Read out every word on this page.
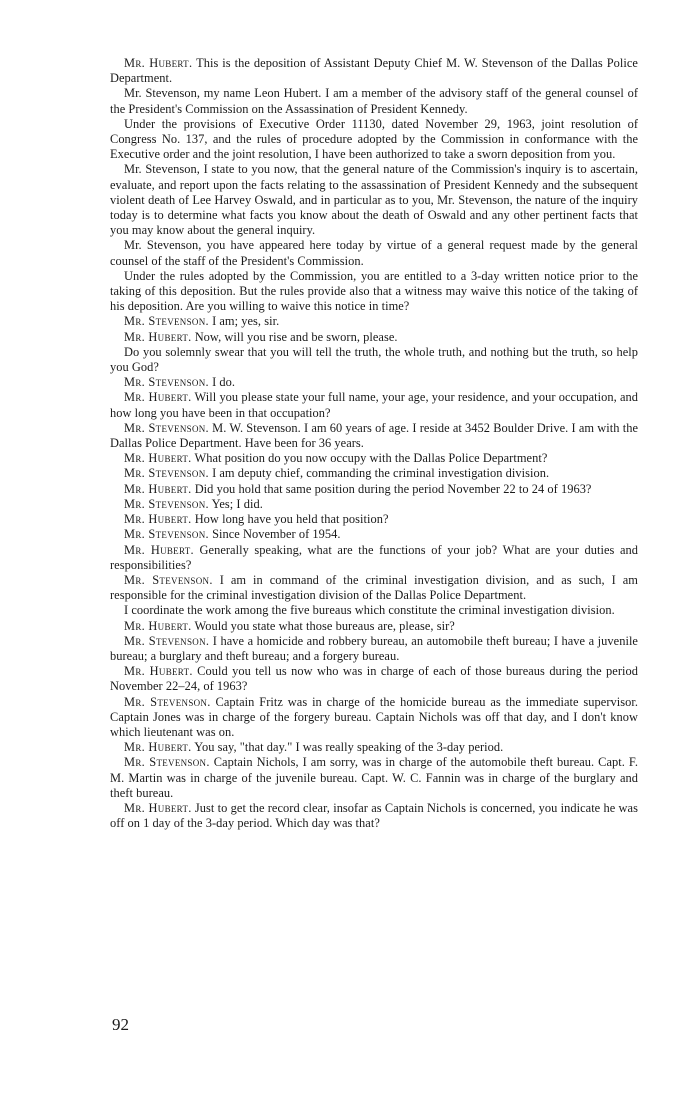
Mr. Hubert. This is the deposition of Assistant Deputy Chief M. W. Stevenson of the Dallas Police Department.

Mr. Stevenson, my name Leon Hubert. I am a member of the advisory staff of the general counsel of the President's Commission on the Assassination of President Kennedy.

Under the provisions of Executive Order 11130, dated November 29, 1963, joint resolution of Congress No. 137, and the rules of procedure adopted by the Commission in conformance with the Executive order and the joint resolution, I have been authorized to take a sworn deposition from you.

Mr. Stevenson, I state to you now, that the general nature of the Commission's inquiry is to ascertain, evaluate, and report upon the facts relating to the assassination of President Kennedy and the subsequent violent death of Lee Harvey Oswald, and in particular as to you, Mr. Stevenson, the nature of the inquiry today is to determine what facts you know about the death of Oswald and any other pertinent facts that you may know about the general inquiry.

Mr. Stevenson, you have appeared here today by virtue of a general request made by the general counsel of the staff of the President's Commission.

Under the rules adopted by the Commission, you are entitled to a 3-day written notice prior to the taking of this deposition. But the rules provide also that a witness may waive this notice of the taking of his deposition. Are you willing to waive this notice in time?

Mr. Stevenson. I am; yes, sir.

Mr. Hubert. Now, will you rise and be sworn, please.

Do you solemnly swear that you will tell the truth, the whole truth, and nothing but the truth, so help you God?

Mr. Stevenson. I do.

Mr. Hubert. Will you please state your full name, your age, your residence, and your occupation, and how long you have been in that occupation?

Mr. Stevenson. M. W. Stevenson. I am 60 years of age. I reside at 3452 Boulder Drive. I am with the Dallas Police Department. Have been for 36 years.

Mr. Hubert. What position do you now occupy with the Dallas Police Department?

Mr. Stevenson. I am deputy chief, commanding the criminal investigation division.

Mr. Hubert. Did you hold that same position during the period November 22 to 24 of 1963?

Mr. Stevenson. Yes; I did.

Mr. Hubert. How long have you held that position?

Mr. Stevenson. Since November of 1954.

Mr. Hubert. Generally speaking, what are the functions of your job? What are your duties and responsibilities?

Mr. Stevenson. I am in command of the criminal investigation division, and as such, I am responsible for the criminal investigation division of the Dallas Police Department.

I coordinate the work among the five bureaus which constitute the criminal investigation division.

Mr. Hubert. Would you state what those bureaus are, please, sir?

Mr. Stevenson. I have a homicide and robbery bureau, an automobile theft bureau; I have a juvenile bureau; a burglary and theft bureau; and a forgery bureau.

Mr. Hubert. Could you tell us now who was in charge of each of those bureaus during the period November 22–24, of 1963?

Mr. Stevenson. Captain Fritz was in charge of the homicide bureau as the immediate supervisor. Captain Jones was in charge of the forgery bureau. Captain Nichols was off that day, and I don't know which lieutenant was on.

Mr. Hubert. You say, "that day." I was really speaking of the 3-day period.

Mr. Stevenson. Captain Nichols, I am sorry, was in charge of the automobile theft bureau. Capt. F. M. Martin was in charge of the juvenile bureau. Capt. W. C. Fannin was in charge of the burglary and theft bureau.

Mr. Hubert. Just to get the record clear, insofar as Captain Nichols is concerned, you indicate he was off on 1 day of the 3-day period. Which day was that?

92
